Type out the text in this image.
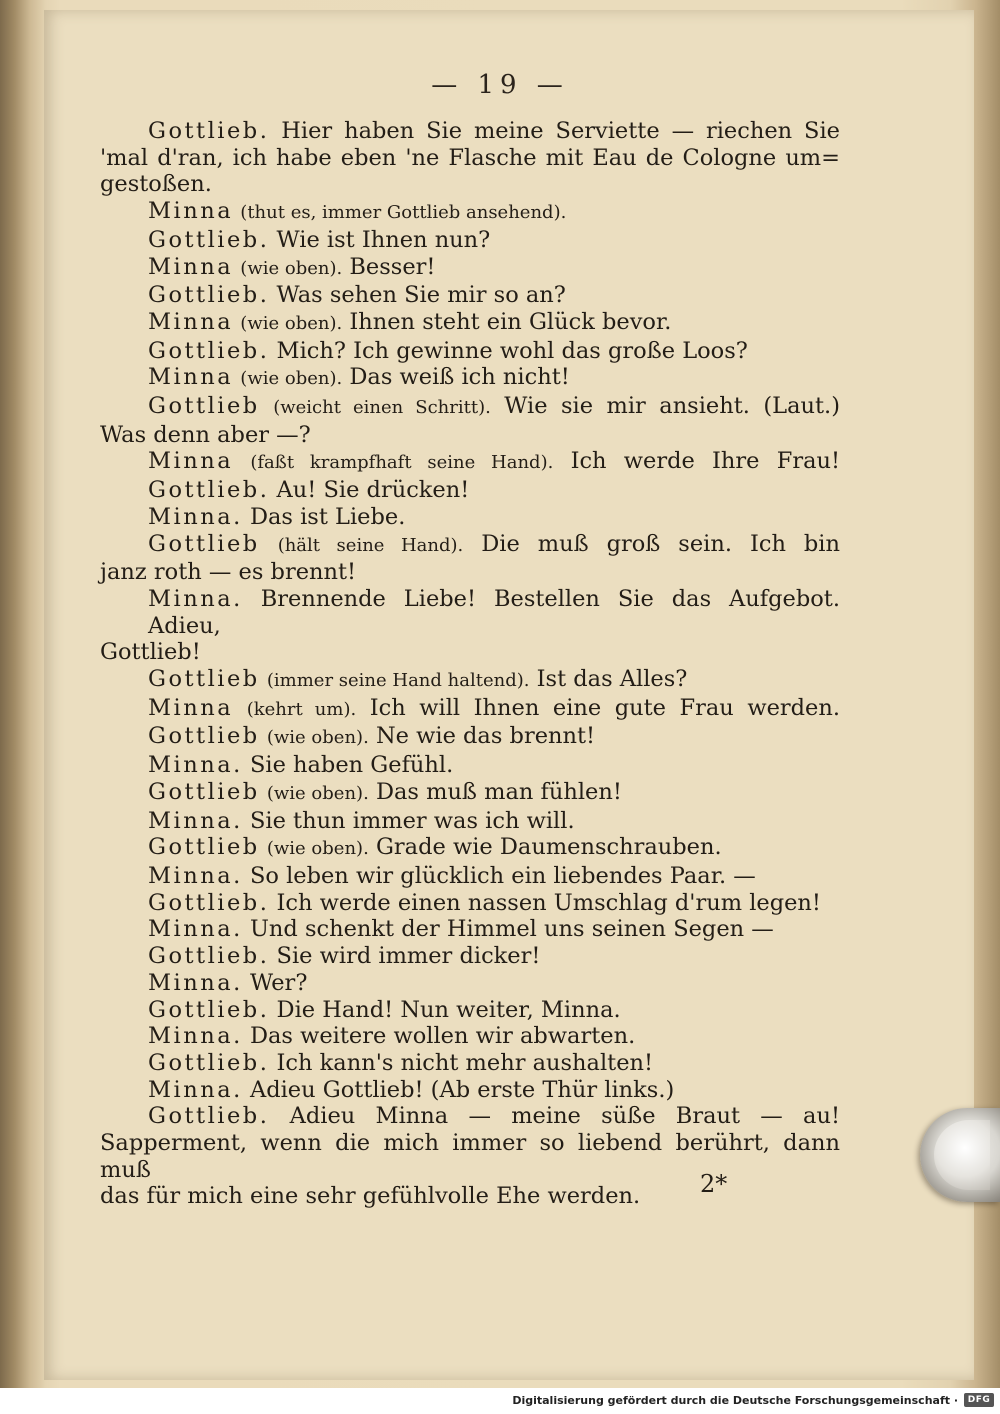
— 19 —
Gottlieb. Hier haben Sie meine Serviette — riechen Sie
'mal d'ran, ich habe eben 'ne Flasche mit Eau de Cologne um=
gestoßen.
Minna (thut es, immer Gottlieb ansehend).
Gottlieb. Wie ist Ihnen nun?
Minna (wie oben). Besser!
Gottlieb. Was sehen Sie mir so an?
Minna (wie oben). Ihnen steht ein Glück bevor.
Gottlieb. Mich? Ich gewinne wohl das große Loos?
Minna (wie oben). Das weiß ich nicht!
Gottlieb (weicht einen Schritt). Wie sie mir ansieht. (Laut.)
Was denn aber —?
Minna (faßt krampfhaft seine Hand). Ich werde Ihre Frau!
Gottlieb. Au! Sie drücken!
Minna. Das ist Liebe.
Gottlieb (hält seine Hand). Die muß groß sein. Ich bin
janz roth — es brennt!
Minna. Brennende Liebe! Bestellen Sie das Aufgebot. Adieu,
Gottlieb!
Gottlieb (immer seine Hand haltend). Ist das Alles?
Minna (kehrt um). Ich will Ihnen eine gute Frau werden.
Gottlieb (wie oben). Ne wie das brennt!
Minna. Sie haben Gefühl.
Gottlieb (wie oben). Das muß man fühlen!
Minna. Sie thun immer was ich will.
Gottlieb (wie oben). Grade wie Daumenschrauben.
Minna. So leben wir glücklich ein liebendes Paar. —
Gottlieb. Ich werde einen nassen Umschlag d'rum legen!
Minna. Und schenkt der Himmel uns seinen Segen —
Gottlieb. Sie wird immer dicker!
Minna. Wer?
Gottlieb. Die Hand! Nun weiter, Minna.
Minna. Das weitere wollen wir abwarten.
Gottlieb. Ich kann's nicht mehr aushalten!
Minna. Adieu Gottlieb! (Ab erste Thür links.)
Gottlieb. Adieu Minna — meine süße Braut — au!
Sapperment, wenn die mich immer so liebend berührt, dann muß
das für mich eine sehr gefühlvolle Ehe werden.	2*
Digitalisierung gefördert durch die Deutsche Forschungsgemeinschaft ·	DFG
